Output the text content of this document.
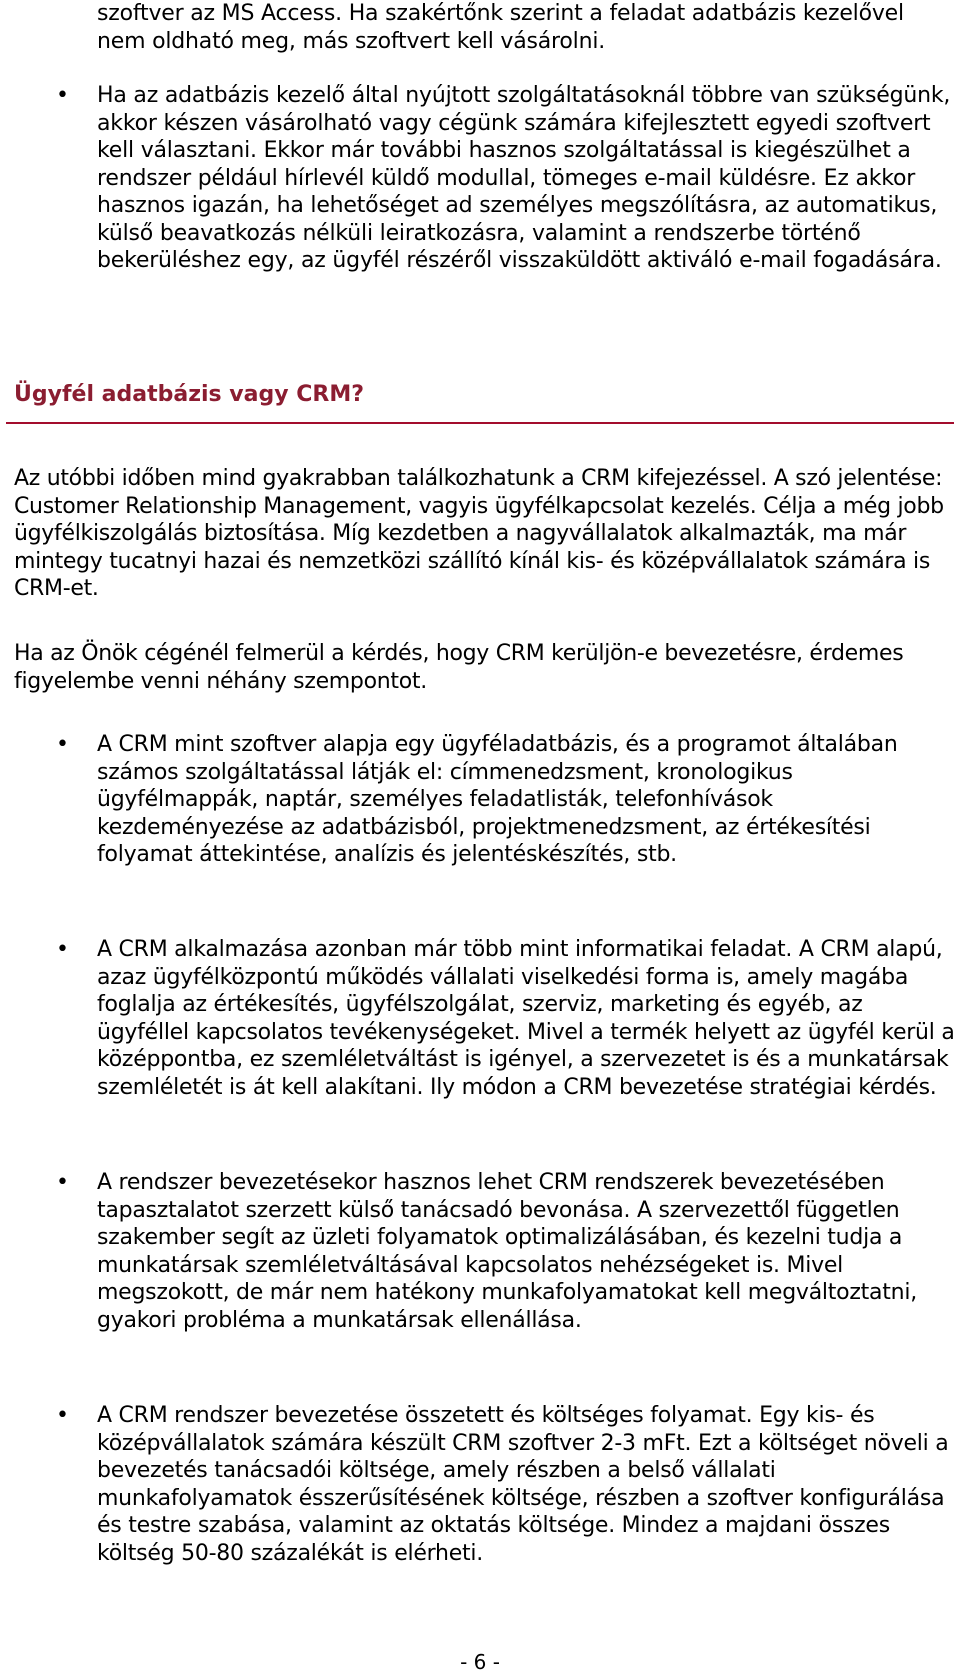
szoftver az MS Access. Ha szakértőnk szerint a feladat adatbázis kezelővel nem oldható meg, más szoftvert kell vásárolni.

• Ha az adatbázis kezelő által nyújtott szolgáltatásoknál többre van szükségünk, akkor készen vásárolható vagy cégünk számára kifejlesztett egyedi szoftvert kell választani. Ekkor már további hasznos szolgáltatással is kiegészülhet a rendszer például hírlevél küldő modullal, tömeges e-mail küldésre. Ez akkor hasznos igazán, ha lehetőséget ad személyes megszólításra, az automatikus, külső beavatkozás nélküli leiratkozásra, valamint a rendszerbe történő bekerüléshez egy, az ügyfél részéről visszaküldött aktiváló e-mail fogadására.

Ügyfél adatbázis vagy CRM?

Az utóbbi időben mind gyakrabban találkozhatunk a CRM kifejezéssel. A szó jelentése: Customer Relationship Management, vagyis ügyfélkapcsolat kezelés. Célja a még jobb ügyfélkiszolgálás biztosítása. Míg kezdetben a nagyvállalatok alkalmazták, ma már mintegy tucatnyi hazai és nemzetközi szállító kínál kis- és középvállalatok számára is CRM-et.

Ha az Önök cégénél felmerül a kérdés, hogy CRM kerüljön-e bevezetésre, érdemes figyelembe venni néhány szempontot.

• A CRM mint szoftver alapja egy ügyféladatbázis, és a programot általában számos szolgáltatással látják el: címmenedzsment, kronologikus ügyfélmappák, naptár, személyes feladatlisták, telefonhívások kezdeményezése az adatbázisból, projektmenedzsment, az értékesítési folyamat áttekintése, analízis és jelentéskészítés, stb.

• A CRM alkalmazása azonban már több mint informatikai feladat. A CRM alapú, azaz ügyfélközpontú működés vállalati viselkedési forma is, amely magába foglalja az értékesítés, ügyfélszolgálat, szerviz, marketing és egyéb, az ügyféllel kapcsolatos tevékenységeket. Mivel a termék helyett az ügyfél kerül a középpontba, ez szemléletváltást is igényel, a szervezetet is és a munkatársak szemléletét is át kell alakítani. Ily módon a CRM bevezetése stratégiai kérdés.

• A rendszer bevezetésekor hasznos lehet CRM rendszerek bevezetésében tapasztalatot szerzett külső tanácsadó bevonása. A szervezettől független szakember segít az üzleti folyamatok optimalizálásában, és kezelni tudja a munkatársak szemléletváltásával kapcsolatos nehézségeket is. Mivel megszokott, de már nem hatékony munkafolyamatokat kell megváltoztatni, gyakori probléma a munkatársak ellenállása.

• A CRM rendszer bevezetése összetett és költséges folyamat. Egy kis- és középvállalatok számára készült CRM szoftver 2-3 mFt. Ezt a költséget növeli a bevezetés tanácsadói költsége, amely részben a belső vállalati munkafolyamatok ésszerűsítésének költsége, részben a szoftver konfigurálása és testre szabása, valamint az oktatás költsége. Mindez a majdani összes költség 50-80 százalékát is elérheti.

- 6 -
